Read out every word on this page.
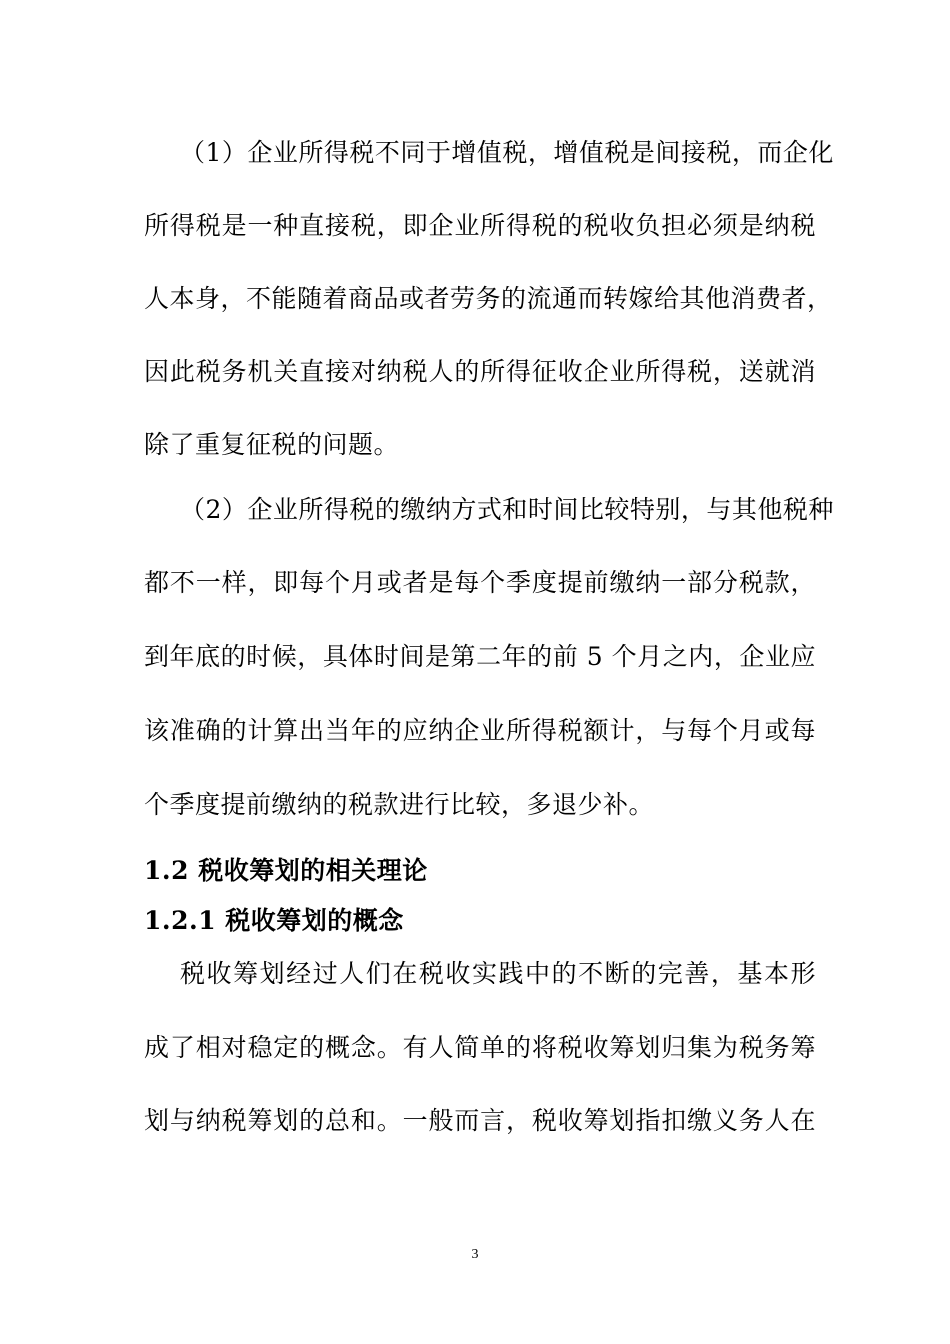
（1）企业所得税不同于增值税，增值税是间接税，而企化
所得税是一种直接税，即企业所得税的税收负担必须是纳税
人本身，不能随着商品或者劳务的流通而转嫁给其他消费者，
因此税务机关直接对纳税人的所得征收企业所得税，送就消
除了重复征税的问题。
（2）企业所得税的缴纳方式和时间比较特别，与其他税种
都不一样，即每个月或者是每个季度提前缴纳一部分税款，
到年底的时候，具体时间是第二年的前 5 个月之内，企业应
该准确的计算出当年的应纳企业所得税额计，与每个月或每
个季度提前缴纳的税款进行比较，多退少补。
1.2 税收筹划的相关理论
1.2.1 税收筹划的概念
税收筹划经过人们在税收实践中的不断的完善，基本形
成了相对稳定的概念。有人简单的将税收筹划归集为税务筹
划与纳税筹划的总和。一般而言，税收筹划指扣缴义务人在
3
